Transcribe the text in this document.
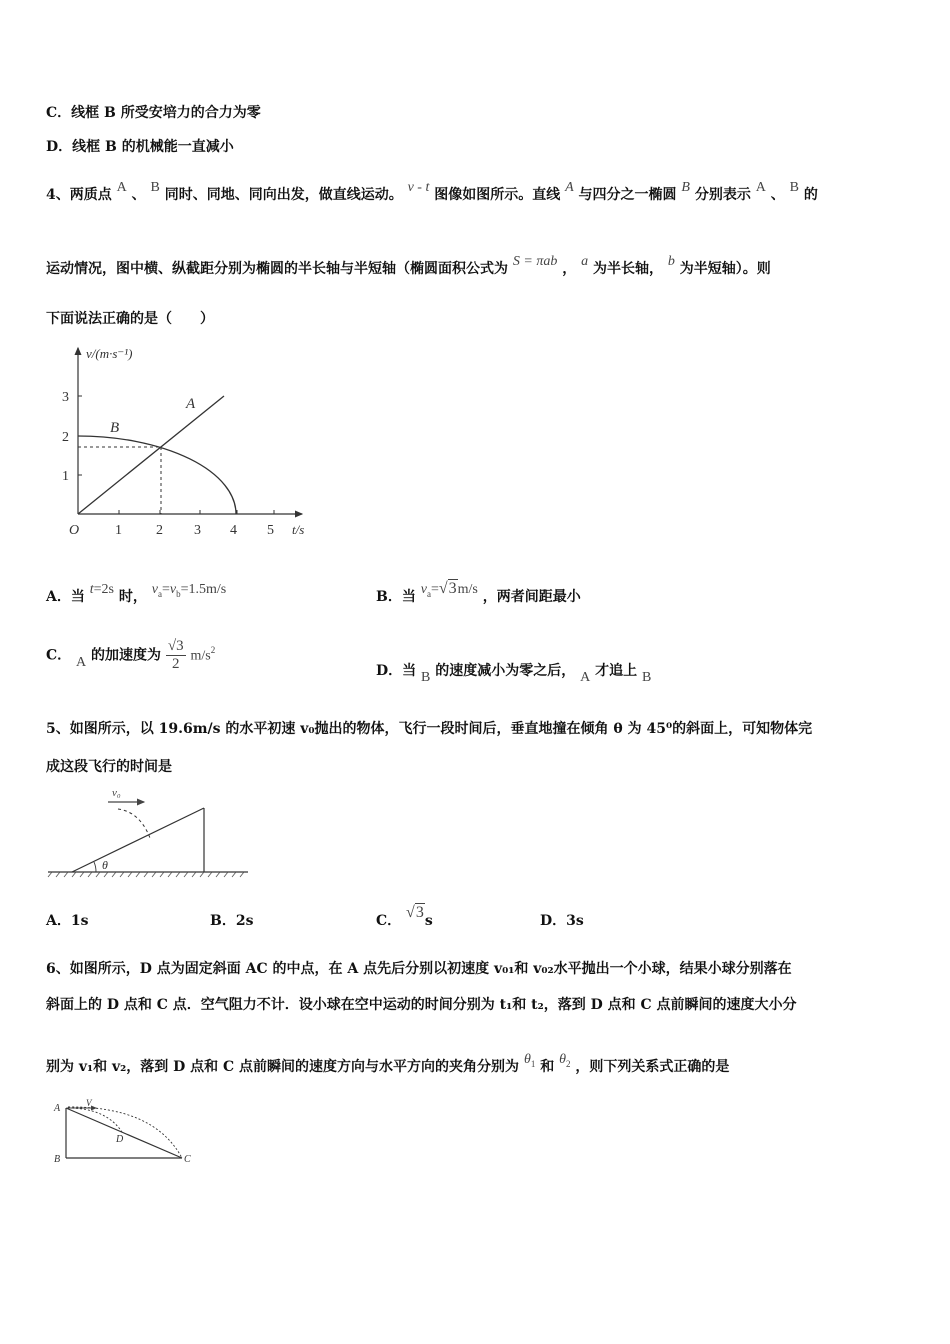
C．线框 B 所受安培力的合力为零
D．线框 B 的机械能一直减小
4、两质点 A 、 B 同时、同地、同向出发，做直线运动。 v - t 图像如图所示。直线 A 与四分之一椭圆 B 分别表示 A 、 B 的
运动情况，图中横、纵截距分别为椭圆的半长轴与半短轴（椭圆面积公式为 S = πab ， a 为半长轴， b 为半短轴）。则
下面说法正确的是（　　）
v/(m·s⁻¹)
t/s
O	1 2 3 4 5
1
2
3	A
B
A．当 t=2s 时， $v_a=v_b=1.5m/s$	B．当 $v_a=√3m/s$ ，两者间距最小
C． A 的加速度为 $\frac{√3}{2} m/s^2$
D．当 B 的速度减小为零之后， A 才追上 B
5、如图所示，以 19.6m/s 的水平初速 v₀抛出的物体，飞行一段时间后，垂直地撞在倾角 θ 为 45⁰的斜面上，可知物体完
成这段飞行的时间是
θ
v₀
A．1s	B．2s	C． √3s	D．3s
6、如图所示，D 点为固定斜面 AC 的中点，在 A 点先后分别以初速度 v₀₁和 v₀₂水平抛出一个小球，结果小球分别落在
斜面上的 D 点和 C 点．空气阻力不计．设小球在空中运动的时间分别为 t₁和 t₂，落到 D 点和 C 点前瞬间的速度大小分
别为 v₁和 v₂，落到 D 点和 C 点前瞬间的速度方向与水平方向的夹角分别为 $\theta_1$ 和 $\theta_2$ ，则下列关系式正确的是
A
B	C
D
V
